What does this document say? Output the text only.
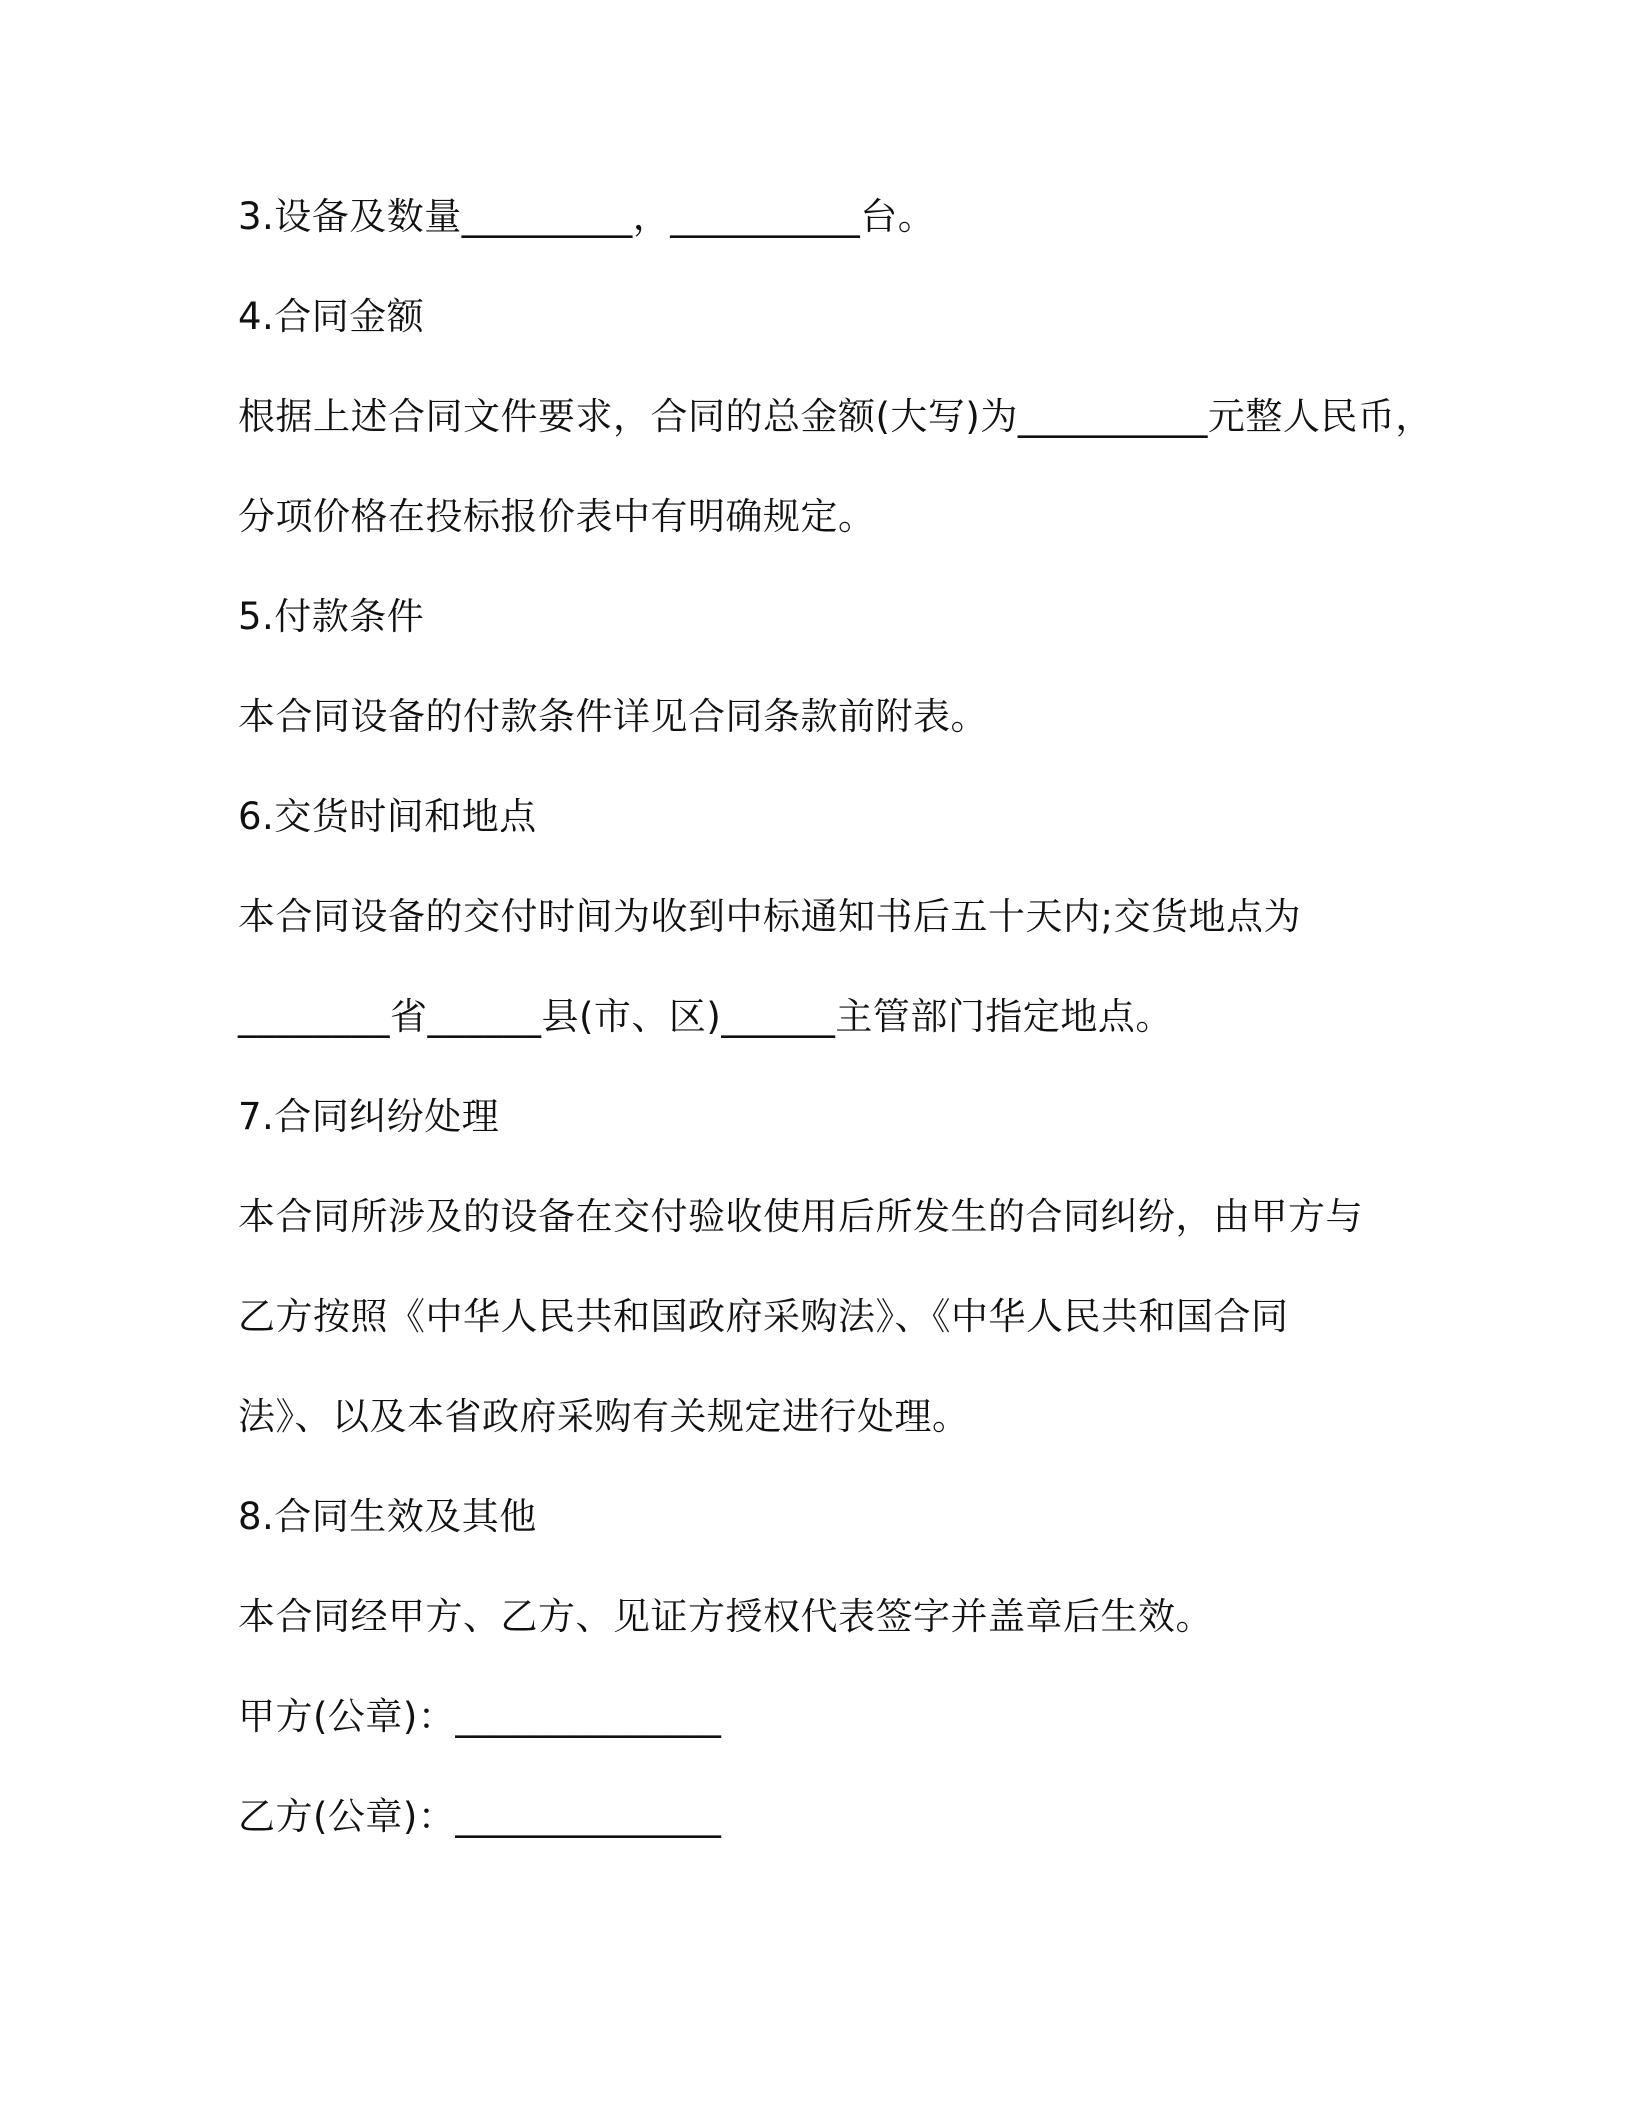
3.设备及数量_________，__________台。
4.合同金额
根据上述合同文件要求，合同的总金额(大写)为__________元整人民币，
分项价格在投标报价表中有明确规定。
5.付款条件
本合同设备的付款条件详见合同条款前附表。
6.交货时间和地点
本合同设备的交付时间为收到中标通知书后五十天内;交货地点为
________省______县(市、区)______主管部门指定地点。
7.合同纠纷处理
本合同所涉及的设备在交付验收使用后所发生的合同纠纷，由甲方与
乙方按照《中华人民共和国政府采购法》、《中华人民共和国合同
法》、以及本省政府采购有关规定进行处理。
8.合同生效及其他
本合同经甲方、乙方、见证方授权代表签字并盖章后生效。
甲方(公章)：______________
乙方(公章)：______________
